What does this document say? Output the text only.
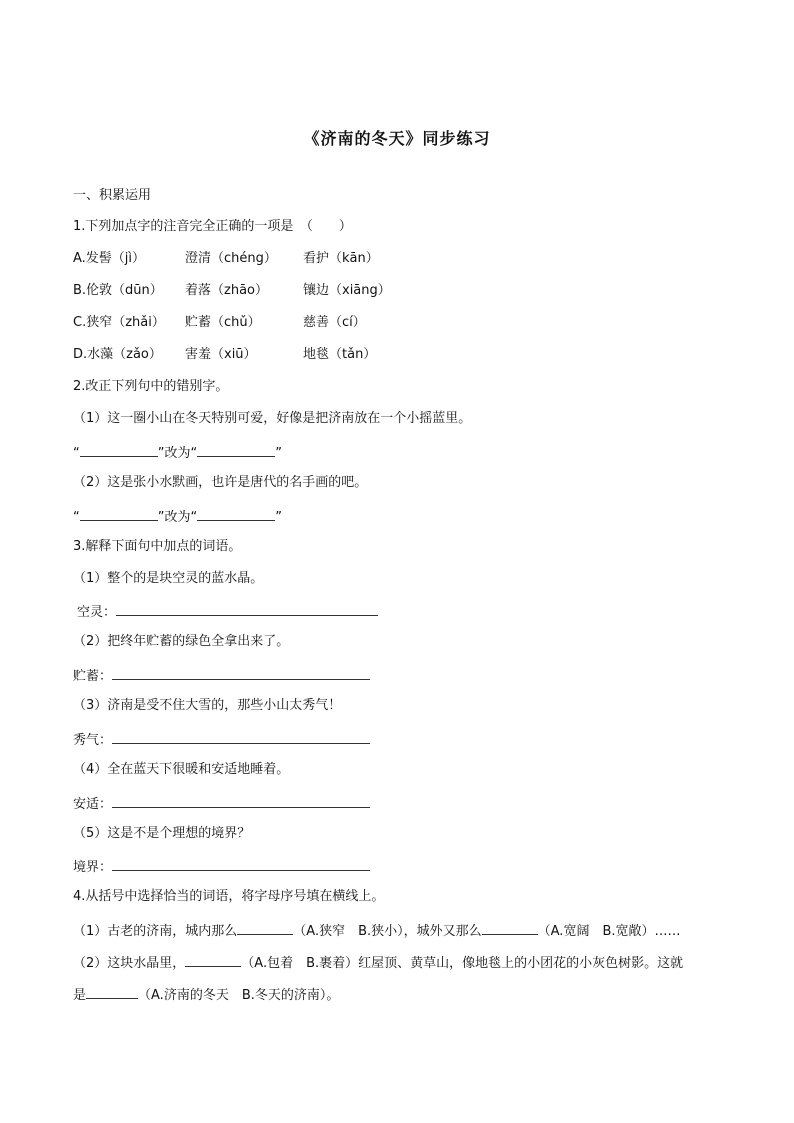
《济南的冬天》同步练习
一、积累运用
1.下列加点字的注音完全正确的一项是　（　　）
A.发髻（jì）	澄清（chéng）	看护（kān）
B.伦敦（dūn）	着落（zhāo）	镶边（xiāng）
C.狭窄（zhǎi）	贮蓄（chǔ）	慈善（cí）
D.水藻（zǎo）	害羞（xiū）	地毯（tǎn）
2.改正下列句中的错别字。
（1）这一圈小山在冬天特别可爱，好像是把济南放在一个小摇蓝里。
“	”改为“	”
（2）这是张小水默画，也许是唐代的名手画的吧。
“	”改为“	”
3.解释下面句中加点的词语。
（1）整个的是块空灵的蓝水晶。
空灵：
（2）把终年贮蓄的绿色全拿出来了。
贮蓄：
（3）济南是受不住大雪的，那些小山太秀气！
秀气：
（4）全在蓝天下很暖和安适地睡着。
安适：
（5）这是不是个理想的境界？
境界：
4.从括号中选择恰当的词语，将字母序号填在横线上。
（1）古老的济南，城内那么	（A.狭窄　B.狭小），城外又那么	（A.宽阔　B.宽敞）……
（2）这块水晶里，	（A.包着　B.裹着）红屋顶、黄草山，像地毯上的小团花的小灰色树影。这就
是	（A.济南的冬天　B.冬天的济南）。
